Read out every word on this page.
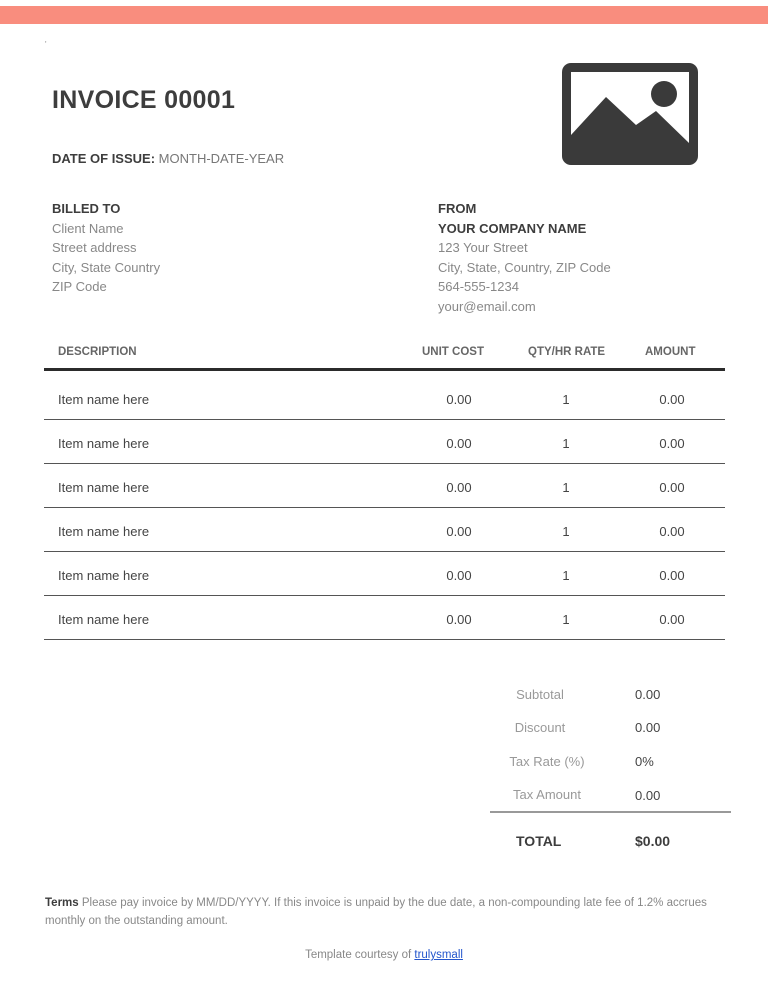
'
INVOICE 00001
DATE OF ISSUE: MONTH-DATE-YEAR
BILLED TO
Client Name
Street address
City, State Country
ZIP Code
FROM
YOUR COMPANY NAME
123 Your Street
City, State, Country, ZIP Code
564-555-1234
your@email.com
DESCRIPTION	UNIT COST	QTY/HR RATE	AMOUNT
Item name here	0.00	1	0.00
Item name here	0.00	1	0.00
Item name here	0.00	1	0.00
Item name here	0.00	1	0.00
Item name here	0.00	1	0.00
Item name here	0.00	1	0.00
Subtotal	0.00
Discount	0.00
Tax Rate (%)	0%
Tax Amount	0.00
TOTAL	$0.00
Terms Please pay invoice by MM/DD/YYYY. If this invoice is unpaid by the due date, a non-compounding late fee of 1.2% accrues monthly on the outstanding amount.
Template courtesy of trulysmall
